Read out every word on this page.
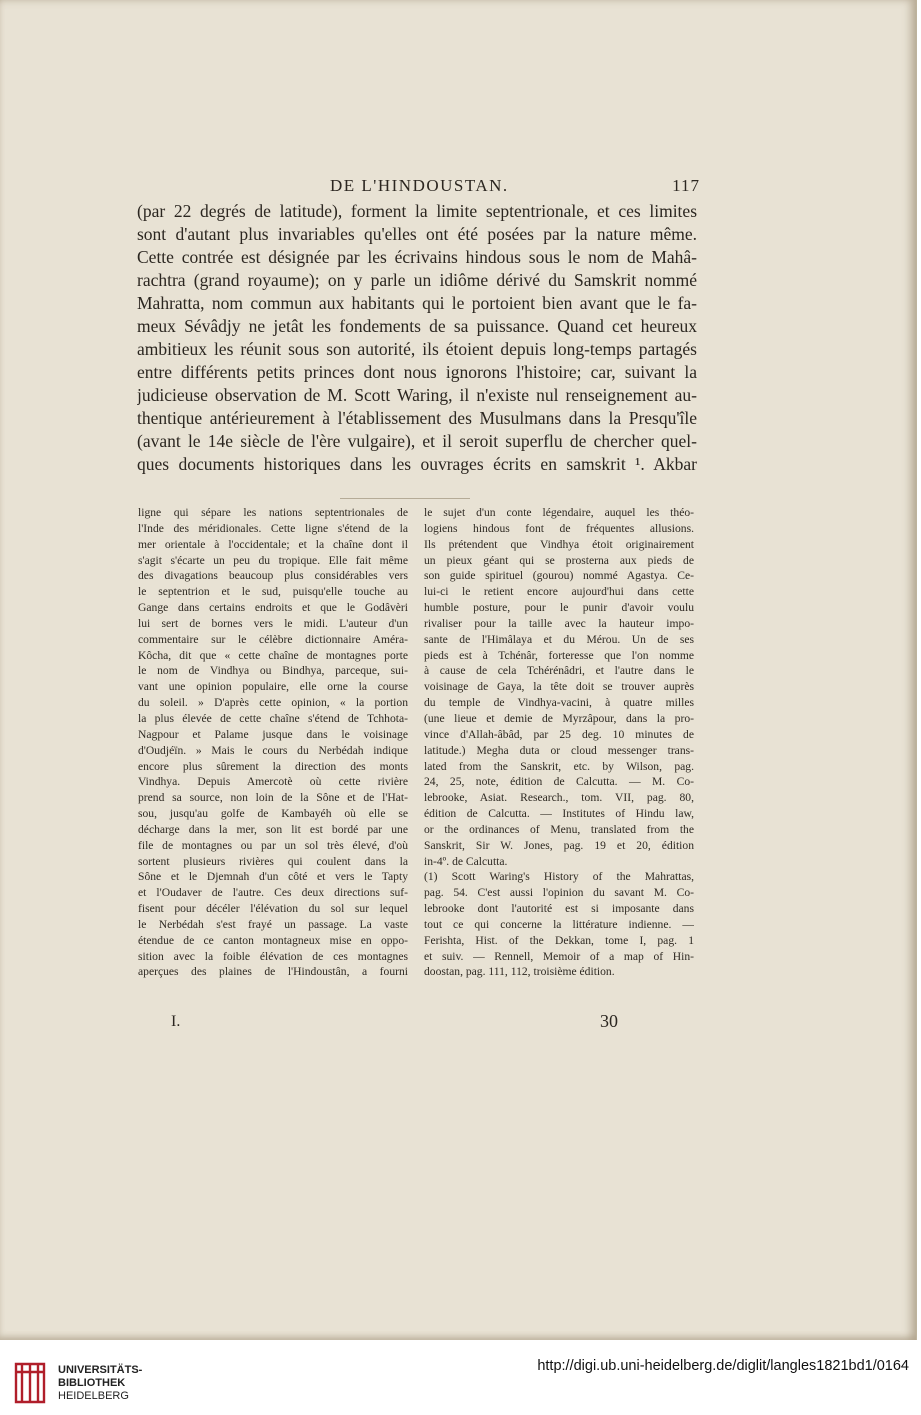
DE L'HINDOUSTAN.	117
(par 22 degrés de latitude), forment la limite septentrionale, et ces limites
sont d'autant plus invariables qu'elles ont été posées par la nature même.
Cette contrée est désignée par les écrivains hindous sous le nom de Mahâ-
rachtra (grand royaume); on y parle un idiôme dérivé du Samskrit nommé
Mahratta, nom commun aux habitants qui le portoient bien avant que le fa-
meux Sévâdjy ne jetât les fondements de sa puissance. Quand cet heureux
ambitieux les réunit sous son autorité, ils étoient depuis long-temps partagés
entre différents petits princes dont nous ignorons l'histoire; car, suivant la
judicieuse observation de M. Scott Waring, il n'existe nul renseignement au-
thentique antérieurement à l'établissement des Musulmans dans la Presqu'île
(avant le 14e siècle de l'ère vulgaire), et il seroit superflu de chercher quel-
ques documents historiques dans les ouvrages écrits en samskrit ¹. Akbar
ligne qui sépare les nations septentrionales de
l'Inde des méridionales. Cette ligne s'étend de la
mer orientale à l'occidentale; et la chaîne dont il
s'agit s'écarte un peu du tropique. Elle fait même
des divagations beaucoup plus considérables vers
le septentrion et le sud, puisqu'elle touche au
Gange dans certains endroits et que le Godâvèri
lui sert de bornes vers le midi. L'auteur d'un
commentaire sur le célèbre dictionnaire Améra-
Kôcha, dit que « cette chaîne de montagnes porte
le nom de Vindhya ou Bindhya, parceque, sui-
vant une opinion populaire, elle orne la course
du soleil. » D'après cette opinion, « la portion
la plus élevée de cette chaîne s'étend de Tchhota-
Nagpour et Palame jusque dans le voisinage
d'Oudjéïn. » Mais le cours du Nerbédah indique
encore plus sûrement la direction des monts
Vindhya. Depuis Amercotè où cette rivière
prend sa source, non loin de la Sône et de l'Hat-
sou, jusqu'au golfe de Kambayéh où elle se
décharge dans la mer, son lit est bordé par une
file de montagnes ou par un sol très élevé, d'où
sortent plusieurs rivières qui coulent dans la
Sône et le Djemnah d'un côté et vers le Tapty
et l'Oudaver de l'autre. Ces deux directions suf-
fisent pour décéler l'élévation du sol sur lequel
le Nerbédah s'est frayé un passage. La vaste
étendue de ce canton montagneux mise en oppo-
sition avec la foible élévation de ces montagnes
aperçues des plaines de l'Hindoustân, a fourni
le sujet d'un conte légendaire, auquel les théo-
logiens hindous font de fréquentes allusions.
Ils prétendent que Vindhya étoit originairement
un pieux géant qui se prosterna aux pieds de
son guide spirituel (gourou) nommé Agastya. Ce-
lui-ci le retient encore aujourd'hui dans cette
humble posture, pour le punir d'avoir voulu
rivaliser pour la taille avec la hauteur impo-
sante de l'Himâlaya et du Mérou. Un de ses
pieds est à Tchénâr, forteresse que l'on nomme
à cause de cela Tchérénâdri, et l'autre dans le
voisinage de Gaya, la tête doit se trouver auprès
du temple de Vindhya-vacini, à quatre milles
(une lieue et demie de Myrzâpour, dans la pro-
vince d'Allah-âbâd, par 25 deg. 10 minutes de
latitude.) Megha duta or cloud messenger trans-
lated from the Sanskrit, etc. by Wilson, pag.
24, 25, note, édition de Calcutta. — M. Co-
lebrooke, Asiat. Research., tom. VII, pag. 80,
édition de Calcutta. — Institutes of Hindu law,
or the ordinances of Menu, translated from the
Sanskrit, Sir W. Jones, pag. 19 et 20, édition
in-4º. de Calcutta.
(1) Scott Waring's History of the Mahrattas,
pag. 54. C'est aussi l'opinion du savant M. Co-
lebrooke dont l'autorité est si imposante dans
tout ce qui concerne la littérature indienne. —
Ferishta, Hist. of the Dekkan, tome I, pag. 1
et suiv. — Rennell, Memoir of a map of Hin-
doostan, pag. 111, 112, troisième édition.
I.	30
UNIVERSITÄTS-
BIBLIOTHEK
HEIDELBERG
http://digi.ub.uni-heidelberg.de/diglit/langles1821bd1/0164
